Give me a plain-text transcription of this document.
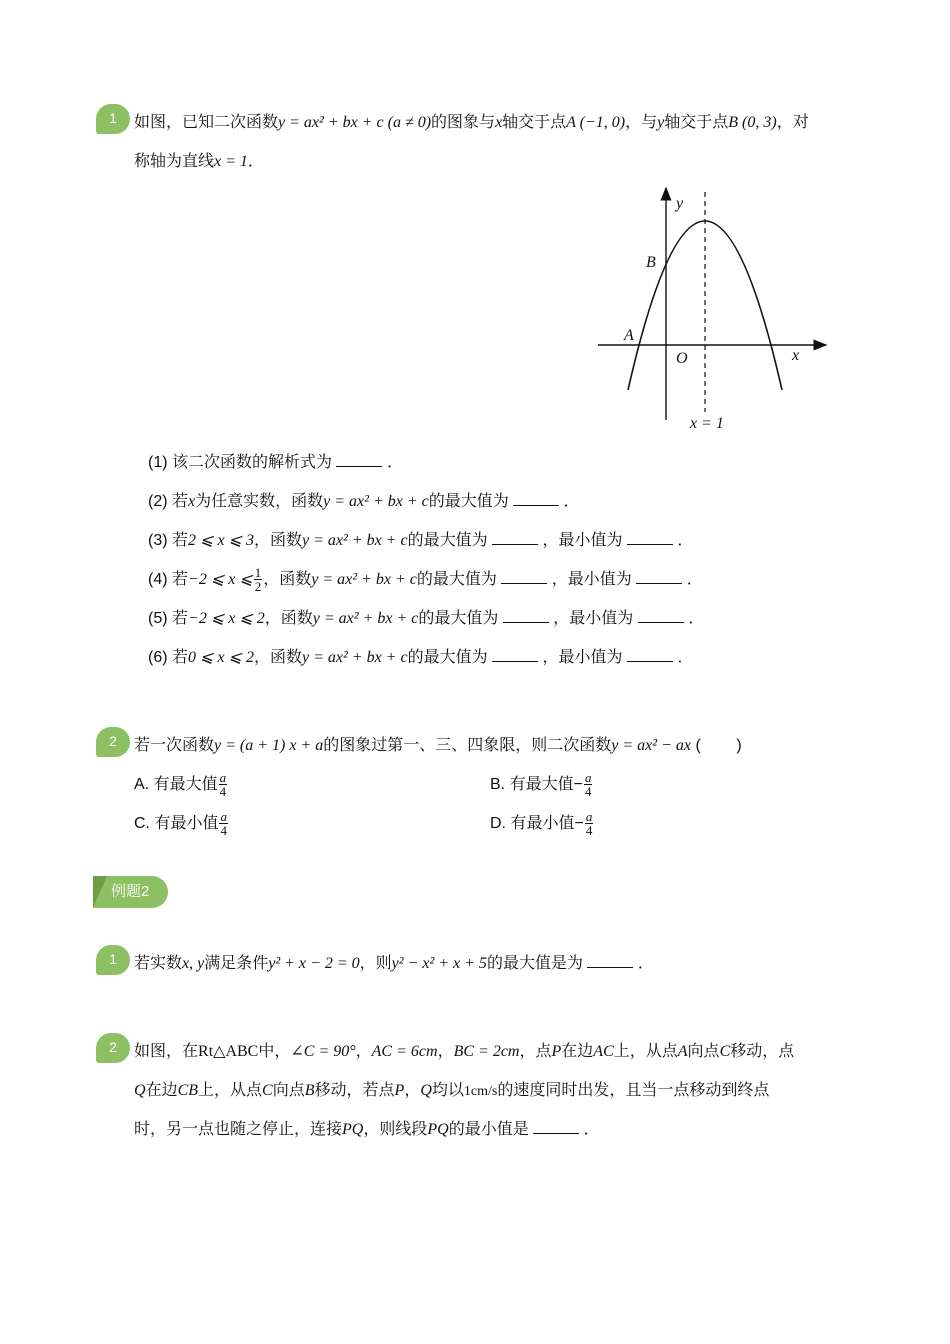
1	如图，已知二次函数y = ax² + bx + c (a ≠ 0)的图象与x轴交于点A (−1, 0)，与y轴交于点B (0, 3)，对
称轴为直线x = 1．
y
x
O
A
B
x = 1
(1) 该二次函数的解析式为	．
(2) 若x为任意实数，函数y = ax² + bx + c的最大值为	．
(3) 若2 ⩽ x ⩽ 3，函数y = ax² + bx + c的最大值为	，最小值为	．
(4) 若−2 ⩽ x ⩽ $\frac{1}{2}$ ，函数y = ax² + bx + c的最大值为	，最小值为	．
(5) 若−2 ⩽ x ⩽ 2，函数y = ax² + bx + c的最大值为	，最小值为	．
(6) 若0 ⩽ x ⩽ 2，函数y = ax² + bx + c的最大值为	，最小值为	．
2	若一次函数y = (a + 1) x + a的图象过第一、三、四象限，则二次函数y = ax² − ax (        )
A. 有最大值 $\frac{a}{4}$	B. 有最大值− $\frac{a}{4}$
C. 有最小值 $\frac{a}{4}$	D. 有最小值− $\frac{a}{4}$
例题2
1	若实数x, y满足条件y² + x − 2 = 0，则y² − x² + x + 5的最大值是为	．
2	如图，在Rt△ABC中，∠C = 90°，AC = 6cm，BC = 2cm，点P在边AC上，从点A向点C移动，点
Q在边CB上，从点C向点B移动，若点P，Q均以1cm/s的速度同时出发，且当一点移动到终点
时，另一点也随之停止，连接PQ，则线段PQ的最小值是	．
